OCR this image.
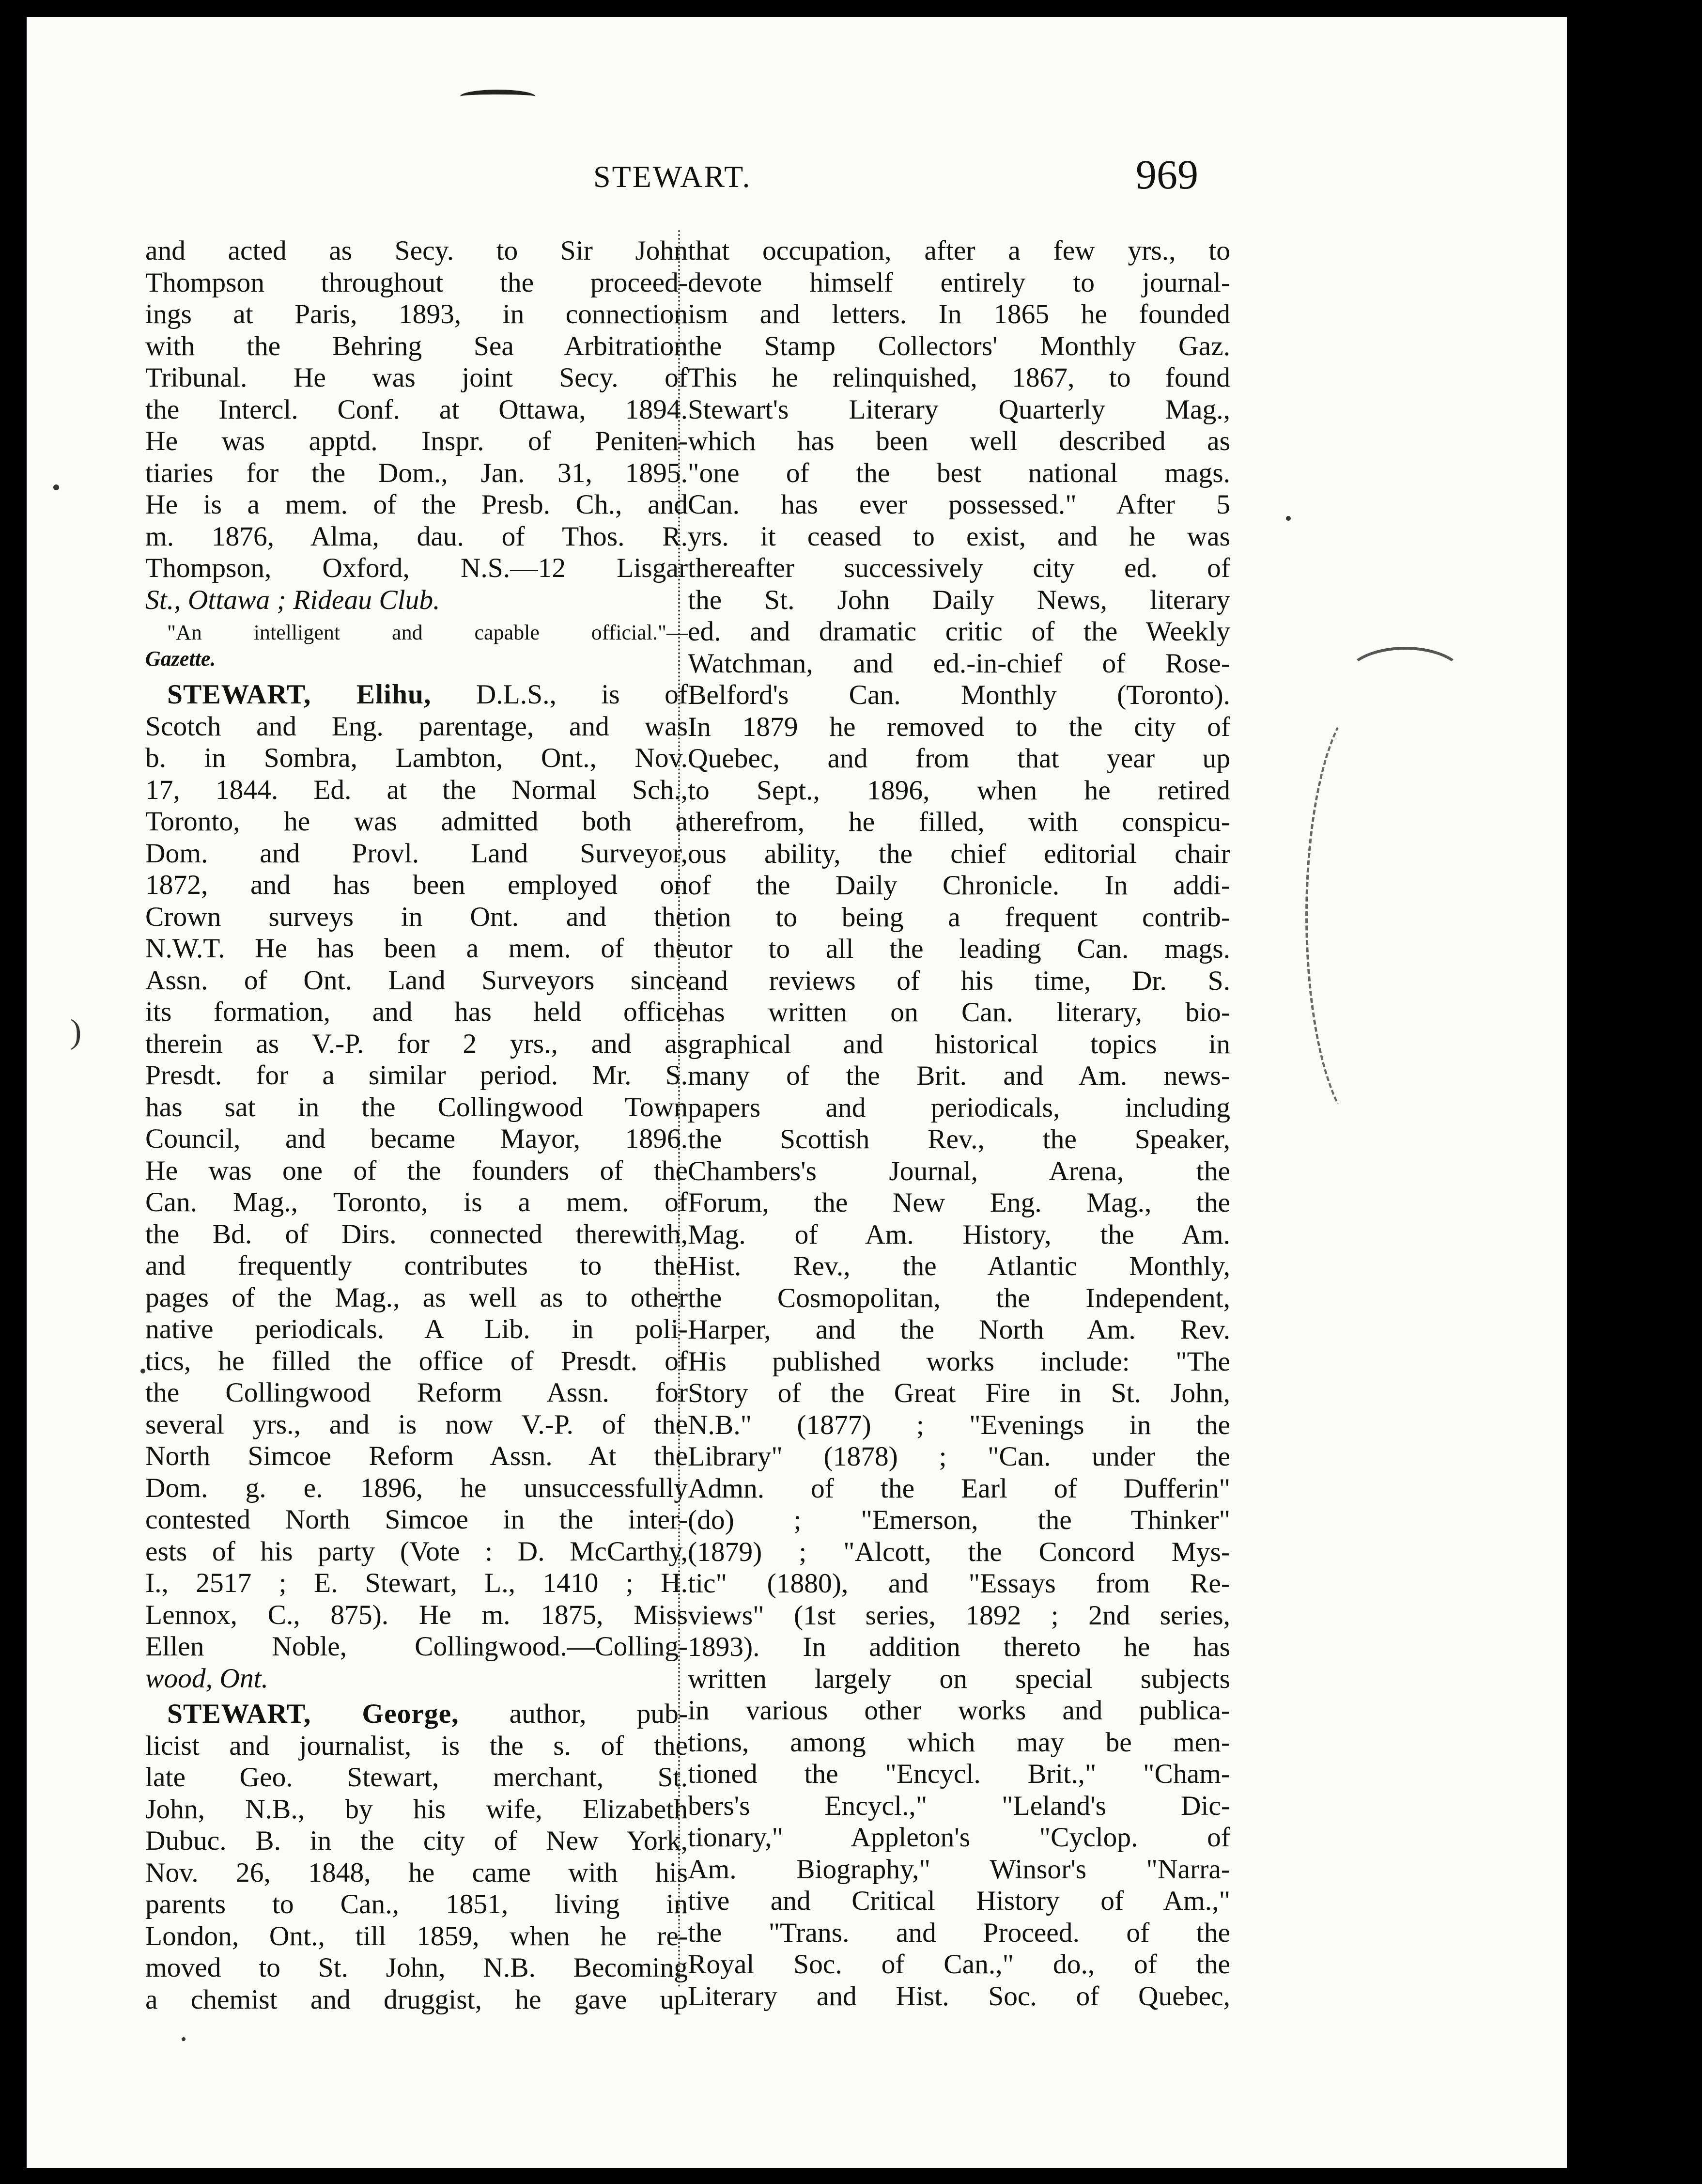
STEWART.	969
and acted as Secy. to Sir John
Thompson throughout the proceed-
ings at Paris, 1893, in connection
with the Behring Sea Arbitration
Tribunal. He was joint Secy. of
the Intercl. Conf. at Ottawa, 1894.
He was apptd. Inspr. of Peniten-
tiaries for the Dom., Jan. 31, 1895.
He is a mem. of the Presb. Ch., and
m. 1876, Alma, dau. of Thos. R.
Thompson, Oxford, N.S.—12 Lisgar
St., Ottawa ; Rideau Club.
"An intelligent and capable official."—
Gazette.
STEWART, Elihu, D.L.S., is of
Scotch and Eng. parentage, and was
b. in Sombra, Lambton, Ont., Nov.
17, 1844. Ed. at the Normal Sch.,
Toronto, he was admitted both a
Dom. and Provl. Land Surveyor,
1872, and has been employed on
Crown surveys in Ont. and the
N.W.T. He has been a mem. of the
Assn. of Ont. Land Surveyors since
its formation, and has held office
therein as V.-P. for 2 yrs., and as
Presdt. for a similar period. Mr. S.
has sat in the Collingwood Town
Council, and became Mayor, 1896.
He was one of the founders of the
Can. Mag., Toronto, is a mem. of
the Bd. of Dirs. connected therewith,
and frequently contributes to the
pages of the Mag., as well as to other
native periodicals. A Lib. in poli-
tics, he filled the office of Presdt. of
the Collingwood Reform Assn. for
several yrs., and is now V.-P. of the
North Simcoe Reform Assn. At the
Dom. g. e. 1896, he unsuccessfully
contested North Simcoe in the inter-
ests of his party (Vote : D. McCarthy,
I., 2517 ; E. Stewart, L., 1410 ; H.
Lennox, C., 875). He m. 1875, Miss
Ellen Noble, Collingwood.—Colling-
wood, Ont.
STEWART, George, author, pub-
licist and journalist, is the s. of the
late Geo. Stewart, merchant, St.
John, N.B., by his wife, Elizabeth
Dubuc. B. in the city of New York,
Nov. 26, 1848, he came with his
parents to Can., 1851, living in
London, Ont., till 1859, when he re-
moved to St. John, N.B. Becoming
a chemist and druggist, he gave up
that occupation, after a few yrs., to
devote himself entirely to journal-
ism and letters. In 1865 he founded
the Stamp Collectors' Monthly Gaz.
This he relinquished, 1867, to found
Stewart's Literary Quarterly Mag.,
which has been well described as
"one of the best national mags.
Can. has ever possessed." After 5
yrs. it ceased to exist, and he was
thereafter successively city ed. of
the St. John Daily News, literary
ed. and dramatic critic of the Weekly
Watchman, and ed.-in-chief of Rose-
Belford's Can. Monthly (Toronto).
In 1879 he removed to the city of
Quebec, and from that year up
to Sept., 1896, when he retired
therefrom, he filled, with conspicu-
ous ability, the chief editorial chair
of the Daily Chronicle. In addi-
tion to being a frequent contrib-
utor to all the leading Can. mags.
and reviews of his time, Dr. S.
has written on Can. literary, bio-
graphical and historical topics in
many of the Brit. and Am. news-
papers and periodicals, including
the Scottish Rev., the Speaker,
Chambers's Journal, Arena, the
Forum, the New Eng. Mag., the
Mag. of Am. History, the Am.
Hist. Rev., the Atlantic Monthly,
the Cosmopolitan, the Independent,
Harper, and the North Am. Rev.
His published works include: "The
Story of the Great Fire in St. John,
N.B." (1877) ; "Evenings in the
Library" (1878) ; "Can. under the
Admn. of the Earl of Dufferin"
(do) ; "Emerson, the Thinker"
(1879) ; "Alcott, the Concord Mys-
tic" (1880), and "Essays from Re-
views" (1st series, 1892 ; 2nd series,
1893). In addition thereto he has
written largely on special subjects
in various other works and publica-
tions, among which may be men-
tioned the "Encycl. Brit.," "Cham-
bers's Encycl.," "Leland's Dic-
tionary," Appleton's "Cyclop. of
Am. Biography," Winsor's "Narra-
tive and Critical History of Am.,"
the "Trans. and Proceed. of the
Royal Soc. of Can.," do., of the
Literary and Hist. Soc. of Quebec,
)
